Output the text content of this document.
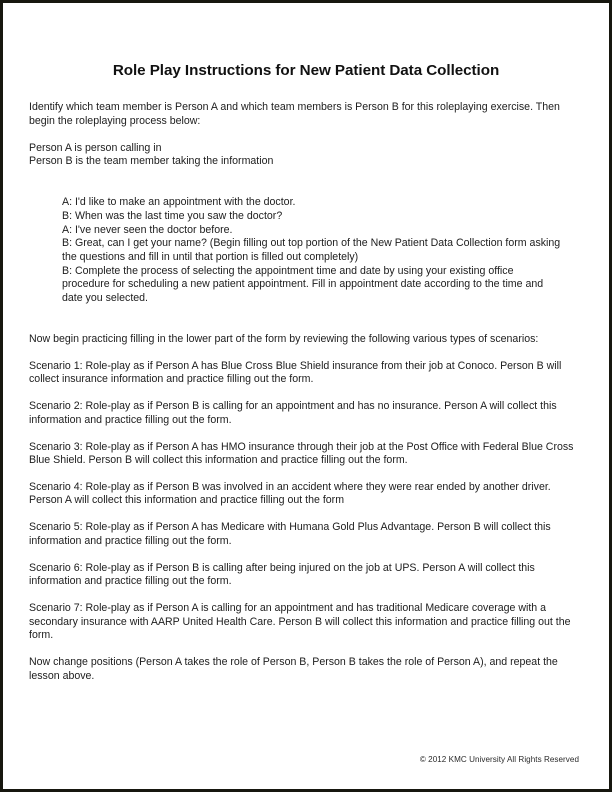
Role Play Instructions for New Patient Data Collection

Identify which team member is Person A and which team members is Person B for this roleplaying exercise. Then begin the roleplaying process below:

Person A is person calling in

Person B is the team member taking the information

A: I'd like to make an appointment with the doctor.

B: When was the last time you saw the doctor?

A: I've never seen the doctor before.

B: Great, can I get your name? (Begin filling out top portion of the New Patient Data Collection form asking the questions and fill in until that portion is filled out completely)

B: Complete the process of selecting the appointment time and date by using your existing office procedure for scheduling a new patient appointment. Fill in appointment date according to the time and date you selected.

Now begin practicing filling in the lower part of the form by reviewing the following various types of scenarios:

Scenario 1: Role-play as if Person A has Blue Cross Blue Shield insurance from their job at Conoco. Person B will collect insurance information and practice filling out the form.

Scenario 2: Role-play as if Person B is calling for an appointment and has no insurance. Person A will collect this information and practice filling out the form.

Scenario 3: Role-play as if Person A has HMO insurance through their job at the Post Office with Federal Blue Cross Blue Shield. Person B will collect this information and practice filling out the form.

Scenario 4: Role-play as if Person B was involved in an accident where they were rear ended by another driver. Person A will collect this information and practice filling out the form

Scenario 5: Role-play as if Person A has Medicare with Humana Gold Plus Advantage. Person B will collect this information and practice filling out the form.

Scenario 6: Role-play as if Person B is calling after being injured on the job at UPS. Person A will collect this information and practice filling out the form.

Scenario 7: Role-play as if Person A is calling for an appointment and has traditional Medicare coverage with a secondary insurance with AARP United Health Care. Person B will collect this information and practice filling out the form.

Now change positions (Person A takes the role of Person B, Person B takes the role of Person A), and repeat the lesson above.

© 2012 KMC University All Rights Reserved
